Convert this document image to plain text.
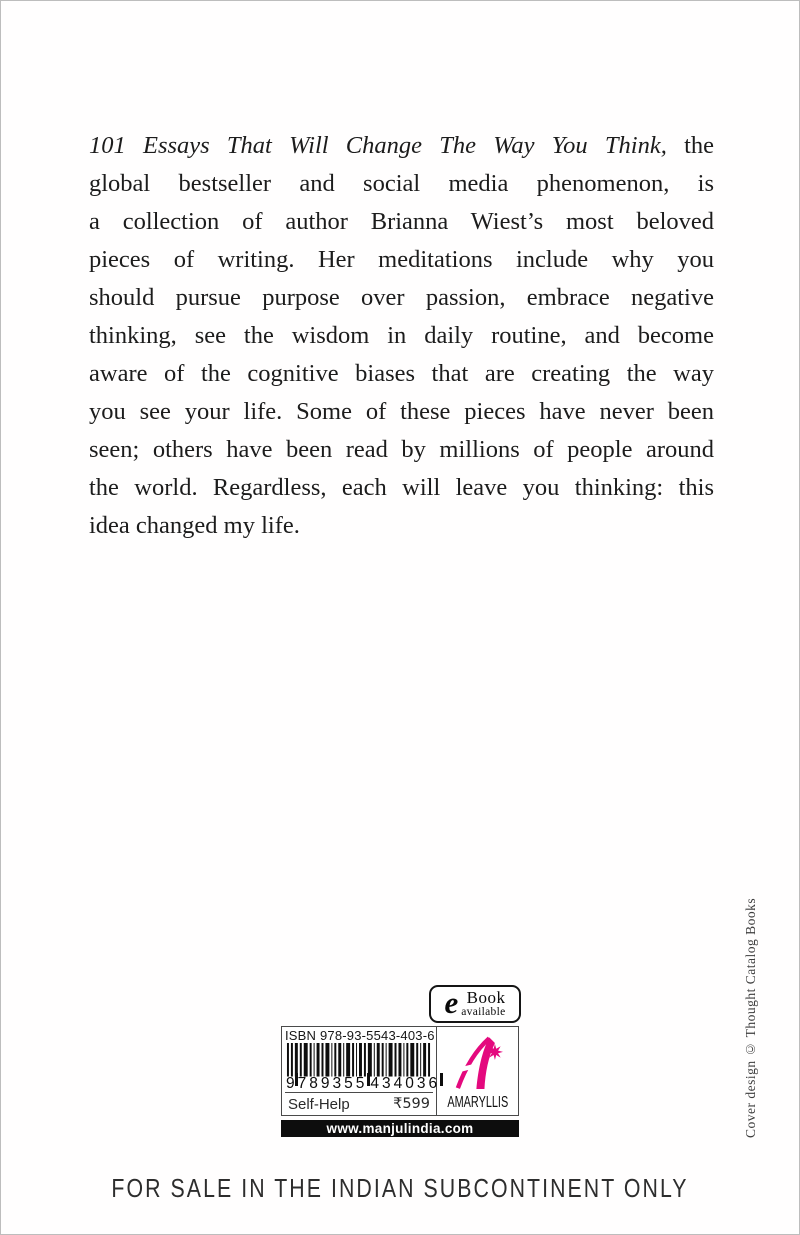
101 Essays That Will Change The Way You Think, the
global bestseller and social media phenomenon, is
a collection of author Brianna Wiest’s most beloved
pieces of writing. Her meditations include why you
should pursue purpose over passion, embrace negative
thinking, see the wisdom in daily routine, and become
aware of the cognitive biases that are creating the way
you see your life. Some of these pieces have never been
seen; others have been read by millions of people around
the world. Regardless, each will leave you thinking: this
idea changed my life.
e Book
available
ISBN 978-93-5543-403-6
9 789355 434036
Self-Help	₹599 AMARYLLIS
www.manjulindia.com	Cover design © Thought Catalog Books
FOR SALE IN THE INDIAN SUBCONTINENT ONLY
